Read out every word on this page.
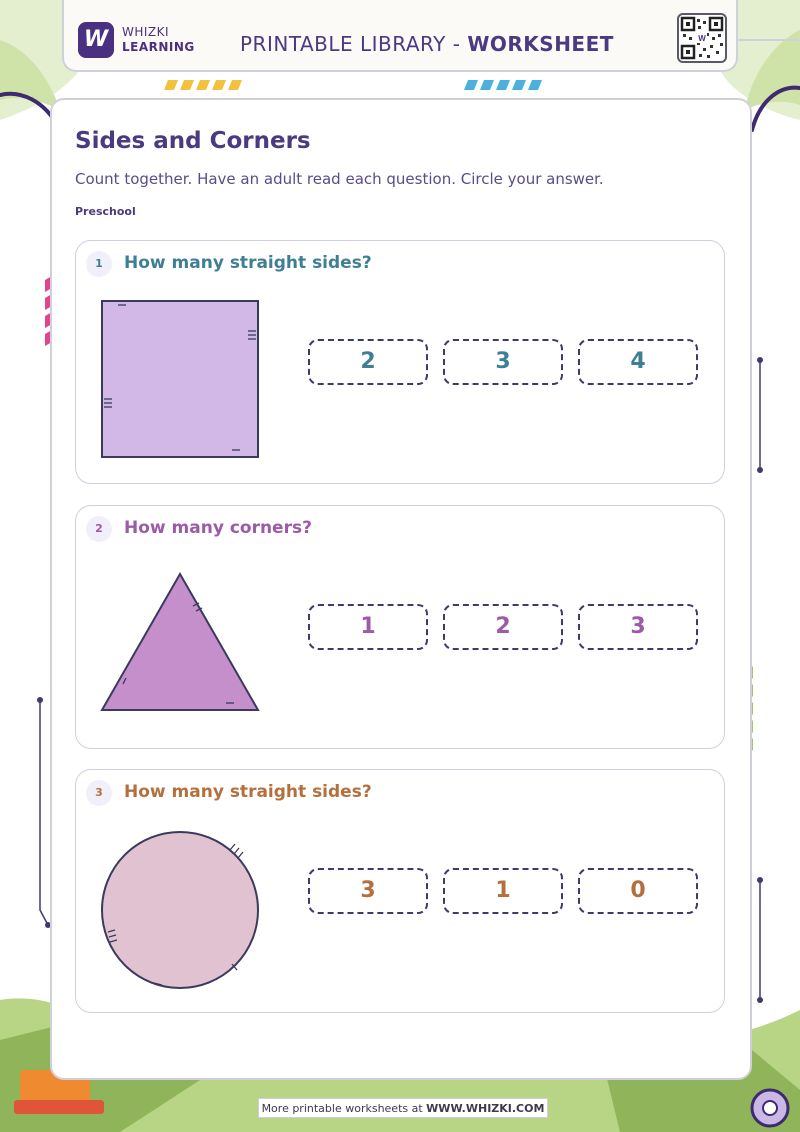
W	WHIZKI
LEARNING PRINTABLE LIBRARY - WORKSHEET	W
Sides and Corners
Count together. Have an adult read each question. Circle your answer.
Preschool
1	How many straight sides?
2	3	4
2	How many corners?
1	2	3
3	How many straight sides?
3	1	0
More printable worksheets at WWW.WHIZKI.COM
